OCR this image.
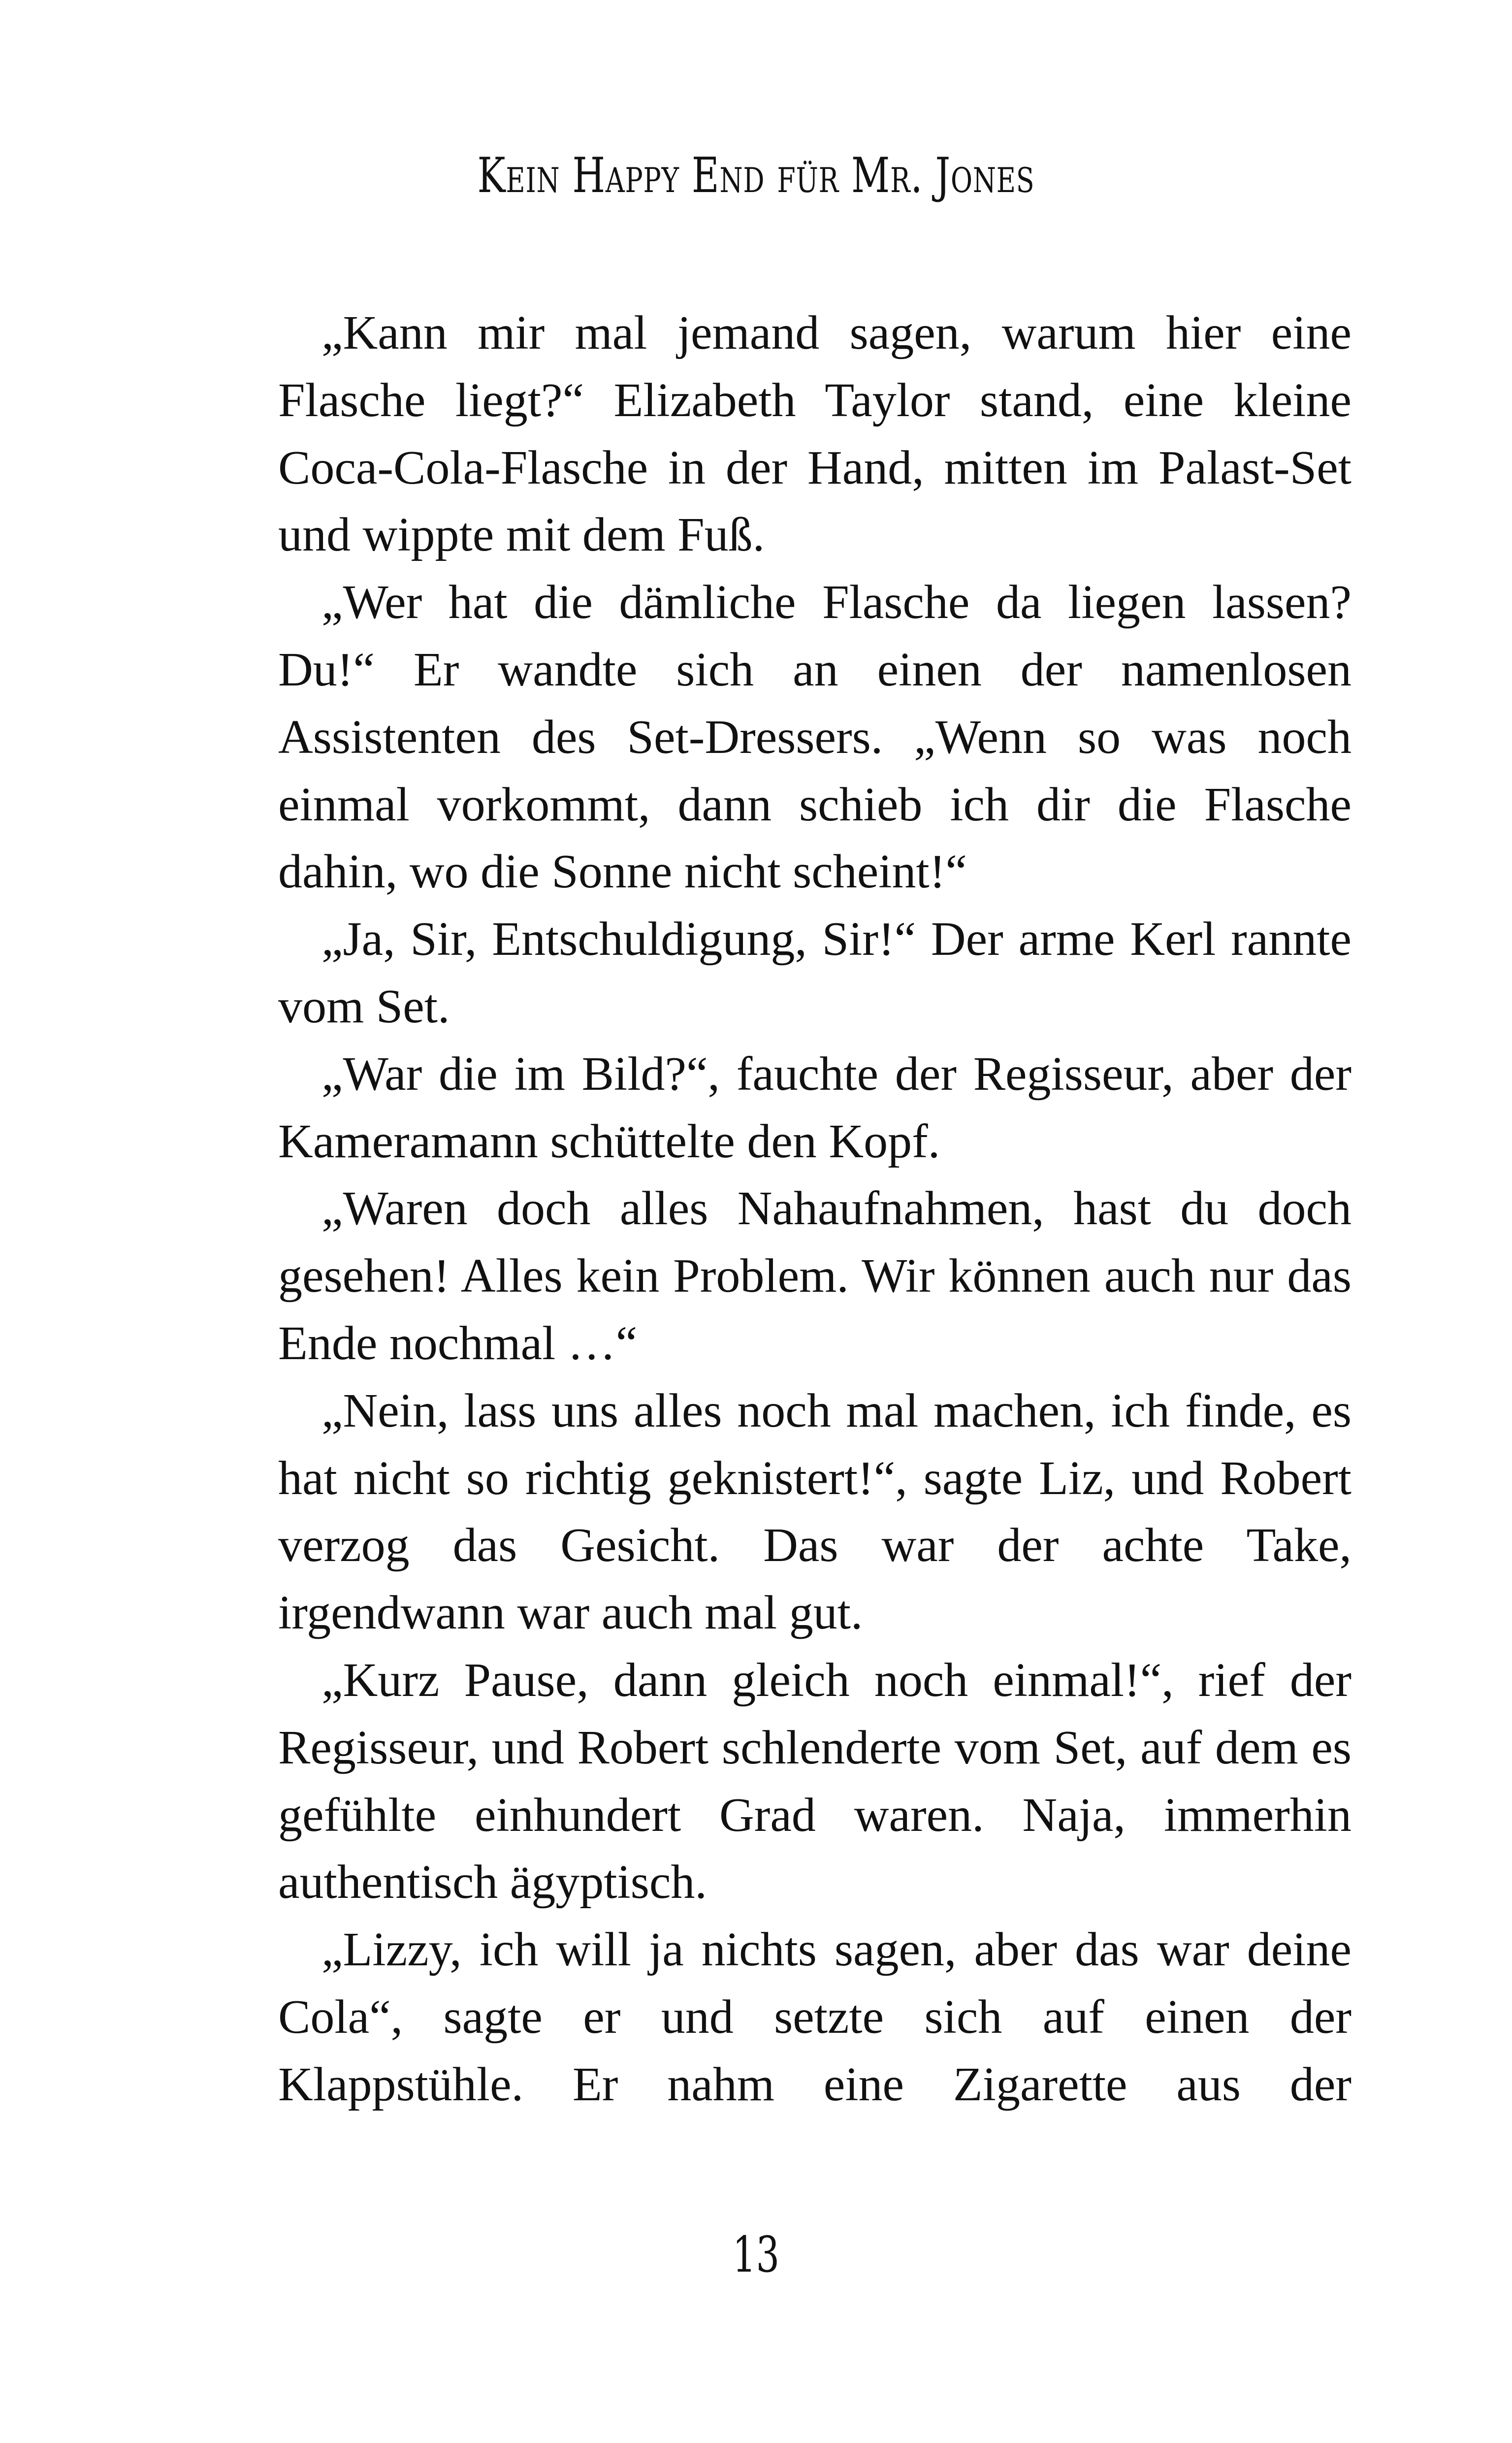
Kein Happy End für Mr. Jones

„Kann mir mal jemand sagen, warum hier eine Flasche liegt?“ Elizabeth Taylor stand, eine kleine Coca-Cola-Flasche in der Hand, mitten im Palast-Set und wippte mit dem Fuß.

„Wer hat die dämliche Flasche da liegen lassen? Du!“ Er wandte sich an einen der namenlosen Assistenten des Set-Dressers. „Wenn so was noch einmal vorkommt, dann schieb ich dir die Flasche dahin, wo die Sonne nicht scheint!“

„Ja, Sir, Entschuldigung, Sir!“ Der arme Kerl rannte vom Set.

„War die im Bild?“, fauchte der Regisseur, aber der Kameramann schüttelte den Kopf.

„Waren doch alles Nahaufnahmen, hast du doch gesehen! Alles kein Problem. Wir können auch nur das Ende nochmal …“

„Nein, lass uns alles noch mal machen, ich finde, es hat nicht so richtig geknistert!“, sagte Liz, und Robert verzog das Gesicht. Das war der achte Take, irgendwann war auch mal gut.

„Kurz Pause, dann gleich noch einmal!“, rief der Regisseur, und Robert schlenderte vom Set, auf dem es gefühlte einhundert Grad waren. Naja, immerhin authentisch ägyptisch.

„Lizzy, ich will ja nichts sagen, aber das war deine Cola“, sagte er und setzte sich auf einen der Klappstühle. Er nahm eine Zigarette aus der

13
